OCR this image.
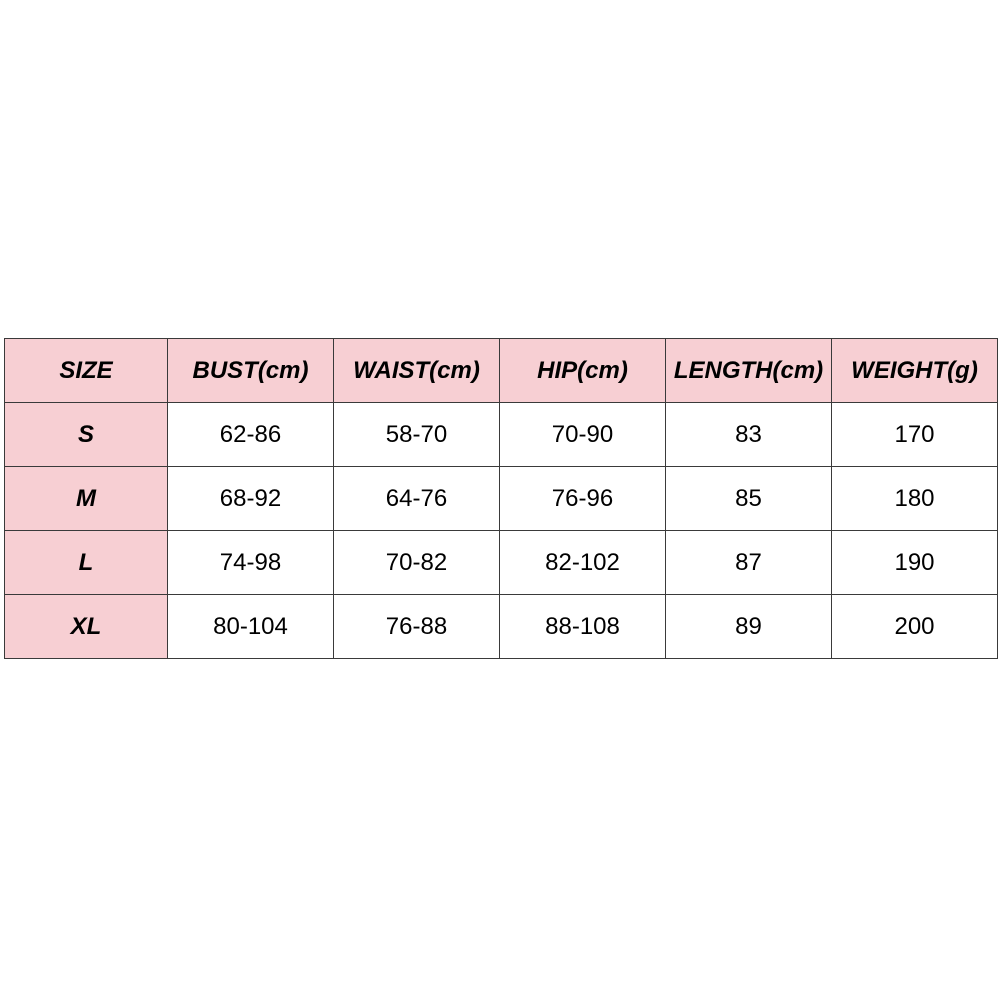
SIZE	BUST(cm)	WAIST(cm)	HIP(cm)	LENGTH(cm)	WEIGHT(g)
S	62-86	58-70	70-90	83	170
M	68-92	64-76	76-96	85	180
L	74-98	70-82	82-102	87	190
XL	80-104	76-88	88-108	89	200
